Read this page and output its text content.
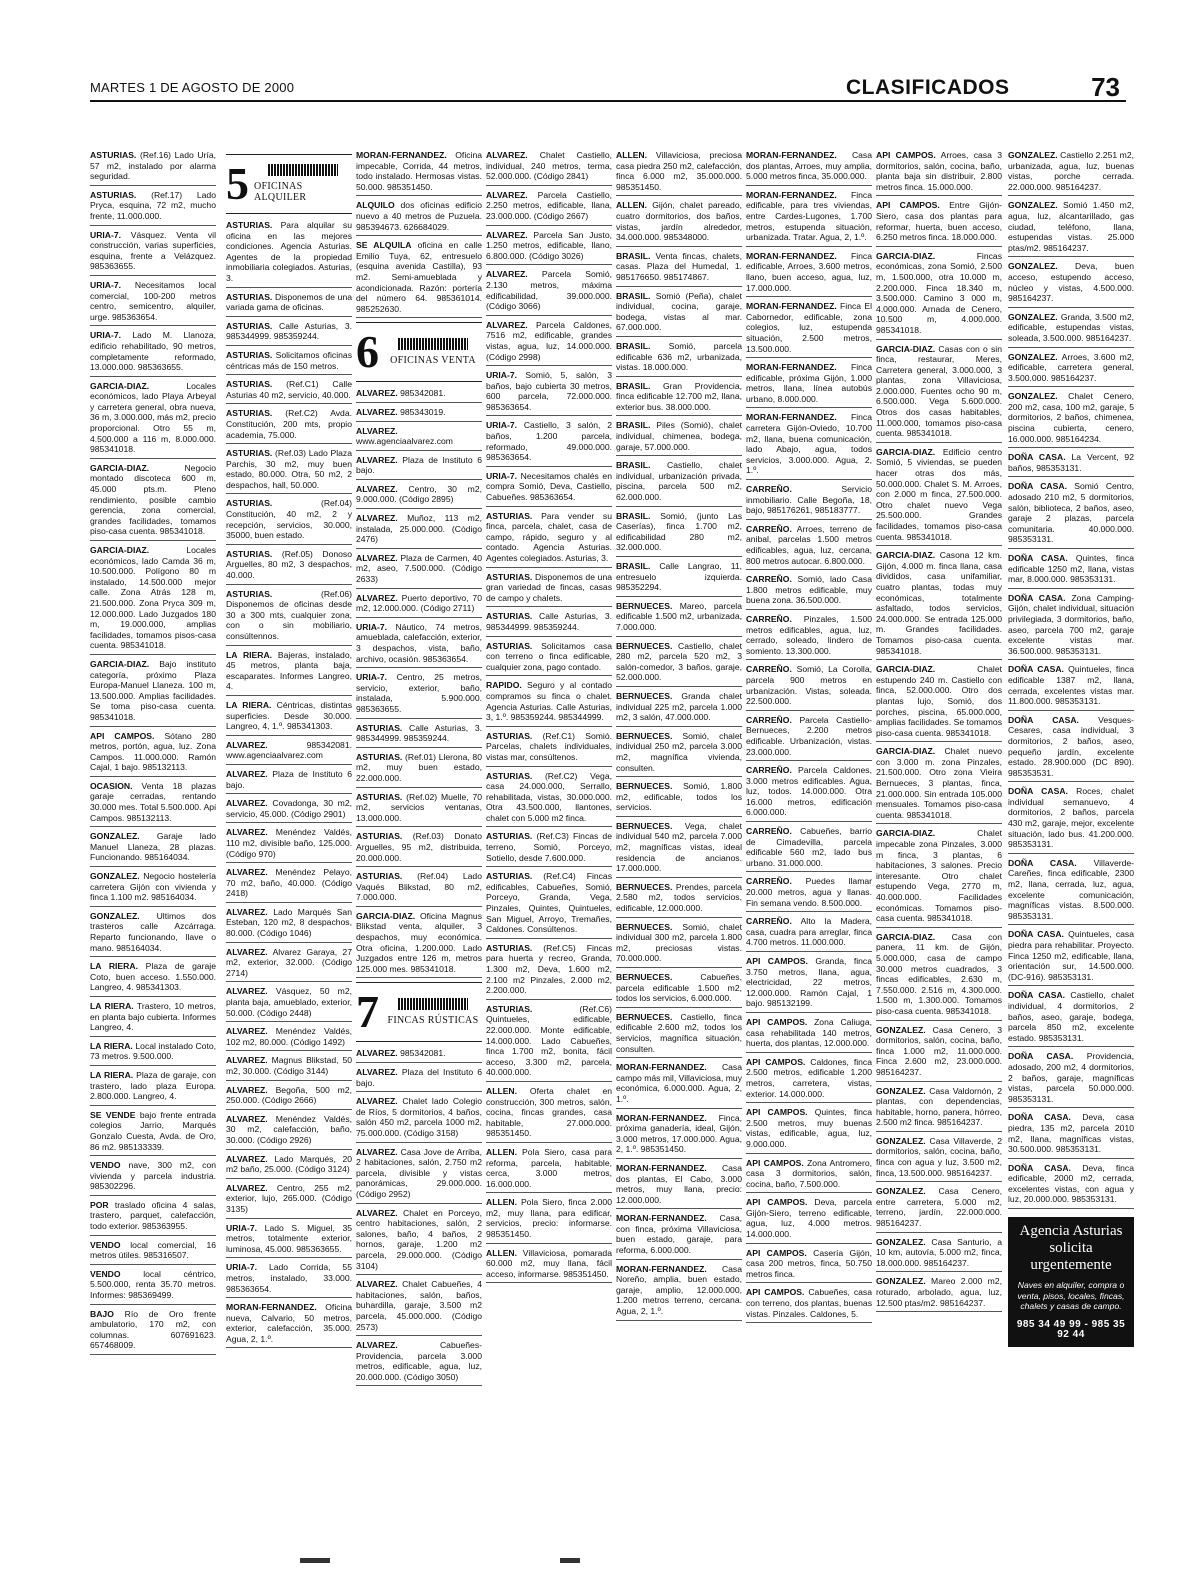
MARTES 1 DE AGOSTO DE 2000	CLASIFICADOS	73
ASTURIAS. (Ref.16) Lado Uría, 57 m2, instalado por alarma seguridad.
ASTURIAS. (Ref.17) Lado Pryca, esquina, 72 m2, mucho frente, 11.000.000.
URIA-7. Vásquez. Venta vil construcción, varias superficies, esquina, frente a Velázquez. 985363655.
URIA-7. Necesitamos local comercial, 100-200 metros centro, semicentro, alquiler, urge. 985363654.
URIA-7. Lado M. Llanoza, edificio rehabilitado, 90 metros, completamente reformado, 13.000.000. 985363655.
GARCIA-DIAZ.	Locales económicos, lado Playa Arbeyal y carretera general, obra nueva, 36 m, 3.000.000, más m2, precio proporcional. Otro 55 m, 4.500.000 a 116 m, 8.000.000. 985341018.
GARCIA-DIAZ.	Negocio montado discoteca 600 m, 45.000 pts.m. Pleno rendimiento, posible cambio gerencia, zona comercial, grandes facilidades, tomamos piso-casa cuenta. 985341018.
GARCIA-DIAZ.	Locales económicos, lado Camda 36 m, 10.500.000. Polígono 80 m instalado, 14.500.000 mejor calle. Zona Atrás 128 m, 21.500.000. Zona Pryca 309 m, 12.000.000. Lado Juzgados 180 m, 19.000.000, amplias facilidades, tomamos pisos-casa cuenta. 985341018.
GARCIA-DIAZ. Bajo instituto categoría, próximo Plaza Europa-Manuel Llaneza. 100 m, 13.500.000. Amplias facilidades. Se toma piso-casa cuenta. 985341018.
API CAMPOS. Sótano 280 metros, portón, agua, luz. Zona Campos. 11.000.000. Ramón Cajal, 1 bajo. 985132113.
OCASION. Venta 18 plazas garaje cerradas, rentando 30.000 mes. Total 5.500.000. Api Campos. 985132113.
GONZALEZ. Garaje lado Manuel Llaneza, 28 plazas. Funcionando. 985164034.
GONZALEZ. Negocio hostelería carretera Gijón con vivienda y finca 1.100 m2. 985164034.
GONZALEZ. Ultimos dos trasteros calle Azcárraga. Reparto funcionando, llave o mano. 985164034.
LA RIERA. Plaza de garaje Coto, buen acceso. 1.550.000. Langreo, 4. 985341303.
LA RIERA. Trastero, 10 metros, en planta bajo cubierta. Informes Langreo, 4.
LA RIERA. Local instalado Coto, 73 metros. 9.500.000.
LA RIERA. Plaza de garaje, con trastero, lado plaza Europa. 2.800.000. Langreo, 4.
SE VENDE bajo frente entrada colegios Jarrio, Marqués Gonzalo Cuesta, Avda. de Oro, 86 m2. 985133339.
VENDO nave, 300 m2, con vivienda y parcela industria. 985302296.
POR traslado oficina 4 salas, trastero, parquet, calefacción, todo exterior. 985363955.
VENDO local comercial, 16 metros útiles. 985316507.
VENDO	local céntrico, 5.500.000, renta 35.70 metros. Informes: 985369499.
BAJO Río de Oro frente ambulatorio, 170 m2, con columnas. 607691623. 657468009.
5 OFICINAS ALQUILER
ASTURIAS. Para alquilar su oficina en las mejores condiciones. Agencia Asturias. Agentes de la propiedad inmobiliaria colegiados. Asturias, 3.
ASTURIAS. Disponemos de una variada gama de oficinas.
ASTURIAS. Calle Asturias, 3. 985344999. 985359244.
ASTURIAS. Solicitamos oficinas céntricas más de 150 metros.
ASTURIAS. (Ref.C1) Calle Asturias 40 m2, servicio, 40.000.
ASTURIAS. (Ref.C2) Avda. Constitución, 200 mts, propio academia, 75.000.
ASTURIAS. (Ref.03) Lado Plaza Parchis, 30 m2, muy buen estado, 80.000. Otra, 50 m2, 2 despachos, hall, 50.000.
ASTURIAS.	(Ref.04) Constitución, 40 m2, 2 y recepción, servicios, 30.000, 35000, buen estado.
ASTURIAS. (Ref.05) Donoso Arguelles, 80 m2, 3 despachos, 40.000.
ASTURIAS.	(Ref.06) Disponemos de oficinas desde 30 a 300 mts, cualquier zona, con o sin mobiliario, consúltennos.
LA RIERA. Bajeras, instalado, 45 metros, planta baja, escaparates. Informes Langreo, 4.
LA RIERA. Céntricas, distintas superficies. Desde 30.000. Langreo, 4, 1.º. 985341303.
ALVAREZ.	985342081. www.agenciaalvarez.com
ALVAREZ. Plaza de Instituto 6 bajo.
ALVAREZ. Covadonga, 30 m2, servicio, 45.000. (Código 2901)
ALVAREZ. Menéndez Valdés, 110 m2, divisible baño, 125.000. (Código 970)
ALVAREZ. Menéndez Pelayo, 70 m2, baño, 40.000. (Código 2418)
ALVAREZ. Lado Marqués San Esteban, 120 m2, 8 despachos, 80.000. (Código 1046)
ALVAREZ. Alvarez Garaya, 27 m2, exterior, 32.000. (Código 2714)
ALVAREZ. Vásquez, 50 m2, planta baja, amueblado, exterior, 50.000. (Código 2448)
ALVAREZ. Menéndez Valdés, 102 m2, 80.000. (Código 1492)
ALVAREZ. Magnus Blikstad, 50 m2, 30.000. (Código 3144)
ALVAREZ. Begoña, 500 m2, 250.000. (Código 2666)
ALVAREZ. Menéndez Valdés, 30 m2, calefacción, baño, 30.000. (Código 2926)
ALVAREZ. Lado Marqués, 20 m2 baño, 25.000. (Código 3124)
ALVAREZ. Centro, 255 m2, exterior, lujo, 265.000. (Código 3135)
URIA-7. Lado S. Miguel, 35 metros, totalmente exterior, luminosa, 45.000. 985363655.
URIA-7. Lado Corrida, 55 metros, instalado, 33.000. 985363654.
MORAN-FERNANDEZ. Oficina nueva, Calvario, 50 metros, exterior, calefacción, 35.000. Agua, 2, 1.º.
MORAN-FERNANDEZ. Oficina impecable, Corrida, 44 metros, todo instalado. Hermosas vistas. 50.000. 985351450.
ALQUILO dos oficinas edificio nuevo a 40 metros de Puzuela. 985394673. 626684029.
SE ALQUILA oficina en calle Emilio Tuya, 62, entresuelo (esquina avenida Castilla), 93 m2. Semi-amueblada y acondicionada. Razón: portería del número 64. 985361014. 985252630.
6	OFICINAS VENTA
ALVAREZ. 985342081.
ALVAREZ. 985343019.
ALVAREZ. www.agenciaalvarez.com
ALVAREZ. Plaza de Instituto 6 bajo.
ALVAREZ. Centro, 30 m2, 9.000.000. (Código 2895)
ALVAREZ. Muñoz, 113 m2, instalada, 25.000.000. (Código 2476)
ALVAREZ. Plaza de Carmen, 40 m2, aseo, 7.500.000. (Código 2633)
ALVAREZ. Puerto deportivo, 70 m2, 12.000.000. (Código 2711)
URIA-7. Náutico, 74 metros, amueblada, calefacción, exterior, 3 despachos, vista, baño, archivo, ocasión. 985363654.
URIA-7. Centro, 25 metros, servicio, exterior, baño, instalada, 5.900.000. 985363655.
ASTURIAS. Calle Asturias, 3. 985344999. 985359244.
ASTURIAS. (Ref.01) Llerona, 80 m2, muy buen estado, 22.000.000.
ASTURIAS. (Ref.02) Muelle, 70 m2, servicios ventanas, 13.000.000.
ASTURIAS. (Ref.03) Donato Arguelles, 95 m2, distribuida, 20.000.000.
ASTURIAS. (Ref.04) Lado Vaqués Blikstad, 80 m2, 7.000.000.
GARCIA-DIAZ. Oficina Magnus Blikstad venta, alquiler, 3 despachos, muy económica. Otra oficina, 1.200.000. Lado Juzgados entre 126 m, metros 125.000 mes. 985341018.
7 FINCAS RÚSTICAS
ALVAREZ. 985342081.
ALVAREZ. Plaza del Instituto 6 bajo.
ALVAREZ. Chalet lado Colegio de Ríos, 5 dormitorios, 4 baños, salón 450 m2, parcela 1000 m2, 75.000.000. (Código 3158)
ALVAREZ. Casa Jove de Arriba, 2 habitaciones, salón, 2.750 m2 parcela, divisible y vistas panorámicas, 29.000.000. (Código 2952)
ALVAREZ. Chalet en Porceyo, centro habitaciones, salón, 2 salones, baño, 4 baños, 2 hornos, garaje, 1.200 m2 parcela, 29.000.000. (Código 3104)
ALVAREZ. Chalet Cabueñes, 4 habitaciones, salón, baños, buhardilla, garaje, 3.500 m2 parcela, 45.000.000. (Código 2573)
ALVAREZ.	Cabueñes-Providencia, parcela 3.000 metros, edificable, agua, luz, 20.000.000. (Código 3050)
ALVAREZ. Chalet Castiello, individual, 240 metros, terma, 52.000.000. (Código 2841)
ALVAREZ. Parcela Castiello, 2.250 metros, edificable, llana, 23.000.000. (Código 2667)
ALVAREZ. Parcela San Justo, 1.250 metros, edificable, llano, 6.800.000. (Código 3026)
ALVAREZ. Parcela Somió, 2.130 metros, máxima edificabilidad, 39.000.000. (Código 3066)
ALVAREZ. Parcela Caldones, 7516 m2, edificable, grandes vistas, agua, luz, 14.000.000. (Código 2998)
URIA-7. Somió, 5, salón, 3 baños, bajo cubierta 30 metros, 600 parcela, 72.000.000. 985363654.
URIA-7. Castiello, 3 salón, 2 baños, 1.200 parcela, reformado, 49.000.000. 985363654.
URIA-7. Necesitamos chalés en compra Somió, Deva, Castiello, Cabueñes. 985363654.
ASTURIAS. Para vender su finca, parcela, chalet, casa de campo, rápido, seguro y al contado. Agencia Asturias. Agentes colegiados. Asturias, 3.
ASTURIAS. Disponemos de una gran variedad de fincas, casas de campo y chalets.
ASTURIAS. Calle Asturias, 3. 985344999. 985359244.
ASTURIAS. Solicitamos casa con terreno o finca edificable, cualquier zona, pago contado.
RAPIDO. Seguro y al contado compramos su finca o chalet. Agencia Asturias. Calle Asturias, 3, 1.º. 985359244. 985344999.
ASTURIAS. (Ref.C1) Somió. Parcelas, chalets individuales, vistas mar, consúltenos.
ASTURIAS. (Ref.C2) Vega, casa 24.000.000, Serrallo, rehabilitada, vistas, 30.000.000. Otra 43.500.000, llantones, chalet con 5.000 m2 finca.
ASTURIAS. (Ref.C3) Fincas de terreno, Somió, Porceyo, Sotiello, desde 7.600.000.
ASTURIAS. (Ref.C4) Fincas edificables, Cabueñes, Somió, Porceyo, Granda, Vega, Pinzales, Quintes, Quintueles, San Miguel, Arroyo, Tremañes, Caldones. Consúltenos.
ASTURIAS. (Ref.C5) Fincas para huerta y recreo, Granda, 1.300 m2, Deva, 1.600 m2, 2.100 m2 Pinzales, 2.000 m2, 2.200.000.
ASTURIAS.	(Ref.C6) Quintueles, edificable, 22.000.000. Monte edificable, 14.000.000. Lado Cabueñes, finca 1.700 m2, bonita, fácil acceso, 3.300 m2, parcela, 40.000.000.
ALLEN. Oferta chalet en construcción, 300 metros, salón, cocina, fincas grandes, casa habitable, 27.000.000. 985351450.
ALLEN. Pola Siero, casa para reforma, parcela, habitable, cerca, 3.000 metros, 16.000.000.
ALLEN. Pola Siero, finca 2.000 m2, muy llana, para edificar, servicios, precio: informarse. 985351450.
ALLEN. Villaviciosa, pomarada 60.000 m2, muy llana, fácil acceso, informarse. 985351450.
ALLEN. Villaviciosa, preciosa casa piedra 250 m2, calefacción, finca 6.000 m2, 35.000.000. 985351450.
ALLEN. Gijón, chalet pareado, cuatro dormitorios, dos baños, vistas, jardín alrededor, 34.000.000. 985348000.
BRASIL. Venta fincas, chalets, casas. Plaza del Humedal, 1. 985176650. 985174867.
BRASIL. Somió (Peña), chalet individual, cocina, garaje, bodega, vistas al mar. 67.000.000.
BRASIL. Somió, parcela edificable 636 m2, urbanizada, vistas. 18.000.000.
BRASIL. Gran Providencia, finca edificable 12.700 m2, llana, exterior bus. 38.000.000.
BRASIL. Piles (Somió), chalet individual, chimenea, bodega, garaje, 57.000.000.
BRASIL. Castiello, chalet individual, urbanización privada, piscina, parcela 500 m2, 62.000.000.
BRASIL. Somió, (junto Las Caserías), finca 1.700 m2, edificabilidad 280 m2, 32.000.000.
BRASIL. Calle Langrao, 11, entresuelo izquierda. 985352294.
BERNUECES. Mareo, parcela edificable 1.500 m2, urbanizada, 7.000.000.
BERNUECES. Castiello, chalet 280 m2, parcela 520 m2, 3 salón-comedor, 3 baños, garaje, 52.000.000.
BERNUECES. Granda chalet individual 225 m2, parcela 1.000 m2, 3 salón, 47.000.000.
BERNUECES. Somió, chalet individual 250 m2, parcela 3.000 m2, magnífica vivienda, consulten.
BERNUECES. Somió, 1.800 m2, edificable, todos los servicios.
BERNUECES. Vega, chalet individual 540 m2, parcela 7.000 m2, magníficas vistas, ideal residencia de ancianos. 17.000.000.
BERNUECES. Prendes, parcela 2.580 m2, todos servicios, edificable, 12.000.000.
BERNUECES. Somió, chalet individual 300 m2, parcela 1.800 m2, preciosas vistas. 70.000.000.
BERNUECES.	Cabueñes, parcela edificable 1.500 m2, todos los servicios, 6.000.000.
BERNUECES. Castiello, finca edificable 2.600 m2, todos los servicios, magnífica situación, consulten.
MORAN-FERNANDEZ. Casa campo más mil, Villaviciosa, muy económica, 6.000.000. Agua, 2, 1.º.
MORAN-FERNANDEZ. Finca, próxima ganadería, ideal, Gijón, 3.000 metros, 17.000.000. Agua, 2, 1.º. 985351450.
MORAN-FERNANDEZ. Casa dos plantas, El Cabo, 3.000 metros, muy llana, precio: 12.000.000.
MORAN-FERNANDEZ. Casa, con finca, próxima Villaviciosa, buen estado, garaje, para reforma, 6.000.000.
MORAN-FERNANDEZ. Casa Noreño, amplia, buen estado, garaje, amplio, 12.000.000, 1.200 metros terreno, cercana. Agua, 2, 1.º.
MORAN-FERNANDEZ. Casa dos plantas, Arroes, muy amplia, 5.000 metros finca, 35.000.000.
MORAN-FERNANDEZ. Finca edificable, para tres viviendas, entre Cardes-Lugones, 1.700 metros, estupenda situación, urbanizada. Tratar. Agua, 2, 1.º.
MORAN-FERNANDEZ. Finca edificable, Arroes, 3.600 metros, llano, buen acceso, agua, luz, 17.000.000.
MORAN-FERNANDEZ. Finca El Cabornedor, edificable, zona colegios, luz, estupenda situación, 2.500 metros, 13.500.000.
MORAN-FERNANDEZ. Finca edificable, próxima Gijón, 1.000 metros, llana, línea autobús urbano, 8.000.000.
MORAN-FERNANDEZ. Finca carretera Gijón-Oviedo, 10.700 m2, llana, buena comunicación, lado Abajo, agua, todos servicios, 3.000.000. Agua, 2, 1.º.
CARREÑO.	Servicio inmobiliario. Calle Begoña, 18, bajo, 985176261, 985183777.
CARREÑO. Arroes, terreno de anibal, parcelas 1.500 metros edificables, agua, luz, cercana, 800 metros autocar. 6.800.000.
CARREÑO. Somió, lado Casa 1.800 metros edificable, muy buena zona. 36.500.000.
CARREÑO. Pinzales, 1.500 metros edificables, agua, luz, cerrado, soleado, lindero de somiento. 13.300.000.
CARREÑO. Somió, La Corolla, parcela 900 metros en urbanización. Vistas, soleada. 22.500.000.
CARREÑO. Parcela Castiello-Bernueces, 2.200 metros edificable. Urbanización, vistas. 23.000.000.
CARREÑO. Parcela Caldones, 3.000 metros edificables. Agua, luz, todos. 14.000.000. Otra 16.000 metros, edificación 6.000.000.
CARREÑO. Cabueñes, barrio de Cimadevilla, parcela edificable 560 m2, lado bus urbano. 31.000.000.
CARREÑO. Puedes llamar 20.000 metros, agua y llanas. Fin semana vendo. 8.500.000.
CARREÑO. Alto la Madera, casa, cuadra para arreglar, finca 4.700 metros. 11.000.000.
API CAMPOS. Granda, finca 3.750 metros, llana, agua, electricidad, 22 metros, 12.000.000. Ramón Cajal, 1 bajo. 985132199.
API CAMPOS. Zona Caliuga, casa rehabilitada 140 metros, huerta, dos plantas, 12.000.000.
API CAMPOS. Caldones, finca 2.500 metros, edificable 1.200 metros, carretera, vistas, exterior. 14.000.000.
API CAMPOS. Quintes, finca 2.500 metros, muy buenas vistas, edificable, agua, luz, 9.000.000.
API CAMPOS. Zona Antromero, casa 3 dormitorios, salón, cocina, baño, 7.500.000.
API CAMPOS. Deva, parcela Gijón-Siero, terreno edificable, agua, luz, 4.000 metros. 14.000.000.
API CAMPOS. Casería Gijón, casa 200 metros, finca, 50.750 metros finca.
API CAMPOS. Cabueñes, casa con terreno, dos plantas, buenas vistas. Pinzales. Caldones, 5.
API CAMPOS. Arroes, casa 3 dormitorios, salón, cocina, baño, planta baja sin distribuir, 2.800 metros finca. 15.000.000.
API CAMPOS. Entre Gijón-Siero, casa dos plantas para reformar, huerta, buen acceso, 6.250 metros finca. 18.000.000.
GARCIA-DIAZ.	Fincas económicas, zona Somió, 2.500 m, 1.500.000, otra 10.000 m, 2.200.000. Finca 18.340 m, 3.500.000. Camino 3 000 m, 4.000.000. Arnada de Cenero, 10.500 m, 4.000.000. 985341018.
GARCIA-DIAZ. Casas con o sin finca, restaurar, Meres, Carretera general, 3.000.000, 3 plantas, zona Villaviciosa, 2.000.000. Fuentes ocho 90 m, 6.500.000. Vega 5.600.000. Otros dos casas habitables, 11.000.000, tomamos piso-casa cuenta. 985341018.
GARCIA-DIAZ. Edificio centro Somió, 5 viviendas, se pueden hacer otras dos más, 50.000.000. Chalet S. M. Arroes, con 2.000 m finca, 27.500.000. Otro chalet nuevo Vega 25.500.000. Grandes facilidades, tomamos piso-casa cuenta. 985341018.
GARCIA-DIAZ. Casona 12 km. Gijón, 4.000 m. finca llana, casa divididos, casa unifamiliar, cuatro plantas, todas muy económicas, totalmente asfaltado, todos servicios, 24.000.000. Se entrada 125.000 m. Grandes facilidades. Tomamos piso-casa cuenta. 985341018.
GARCIA-DIAZ.	Chalet estupendo 240 m. Castiello con finca, 52.000.000. Otro dos plantas lujo, Somió, dos porches, piscina, 65.000.000, amplias facilidades. Se tomamos piso-casa cuenta. 985341018.
GARCIA-DIAZ. Chalet nuevo con 3.000 m. zona Pinzales, 21.500.000. Otro zona Vieira Bernueces, 3 plantas, finca, 21.000.000. Sin entrada 105.000 mensuales. Tomamos piso-casa cuenta. 985341018.
GARCIA-DIAZ.	Chalet impecable zona Pinzales, 3.000 m finca, 3 plantas, 6 habitaciones, 3 salones. Precio interesante. Otro chalet estupendo Vega, 2770 m, 40.000.000. Facilidades económicas. Tomamos piso-casa cuenta. 985341018.
GARCIA-DIAZ. Casa con panera, 11 km. de Gijón, 5.000.000, casa de campo 30.000 metros cuadrados, 3 fincas edificables, 2.630 m, 7.550.000. 2.516 m, 4.300.000. 1.500 m, 1.300.000. Tomamos piso-casa cuenta. 985341018.
GONZALEZ. Casa Cenero, 3 dormitorios, salón, cocina, baño, finca 1.000 m2, 11.000.000. Finca 2.600 m2, 23.000.000. 985164237.
GONZALEZ. Casa Valdornón, 2 plantas, con dependencias, habitable, horno, panera, hórreo, 2.500 m2 finca. 985164237.
GONZALEZ. Casa Villaverde, 2 dormitorios, salón, cocina, baño, finca con agua y luz, 3.500 m2, finca, 13.500.000. 985164237.
GONZALEZ. Casa Cenero, entre carretera, 5.000 m2, terreno, jardín, 22.000.000. 985164237.
GONZALEZ. Casa Santurio, a 10 km, autovía, 5.000 m2, finca, 18.000.000. 985164237.
GONZALEZ. Mareo 2.000 m2, roturado, arbolado, agua, luz, 12.500 ptas/m2. 985164237.
GONZALEZ. Castiello 2.251 m2, urbanizada, agua, luz, buenas vistas, porche cerrada. 22.000.000. 985164237.
GONZALEZ. Somió 1.450 m2, agua, luz, alcantarillado, gas ciudad, teléfono, llana, estupendas vistas. 25.000 ptas/m2. 985164237.
GONZALEZ. Deva, buen acceso, estupendo acceso, núcleo y vistas, 4.500.000. 985164237.
GONZALEZ. Granda, 3.500 m2, edificable, estupendas vistas, soleada, 3.500.000. 985164237.
GONZALEZ. Arroes, 3.600 m2, edificable, carretera general, 3.500.000. 985164237.
GONZALEZ. Chalet Cenero, 200 m2, casa, 100 m2, garaje, 5 dormitorios, 2 baños, chimenea, piscina cubierta, cenero, 16.000.000. 985164234.
DOÑA CASA. La Vercent, 92 baños, 985353131.
DOÑA CASA. Somió Centro, adosado 210 m2, 5 dormitorios, salón, biblioteca, 2 baños, aseo, garaje 2 plazas, parcela comunitaria. 40.000.000. 985353131.
DOÑA CASA. Quintes, finca edificable 1250 m2, llana, vistas mar, 8.000.000. 985353131.
DOÑA CASA. Zona Camping-Gijón, chalet individual, situación privilegiada, 3 dormitorios, baño, aseo, parcela 700 m2, garaje excelente vistas mar. 36.500.000. 985353131.
DOÑA CASA. Quintueles, finca edificable 1387 m2, llana, cerrada, excelentes vistas mar. 11.800.000. 985353131.
DOÑA CASA. Vesques-Cesares, casa individual, 3 dormitorios, 2 baños, aseo, pequeño jardín, excelente estado. 28.900.000 (DC 890). 985353531.
DOÑA CASA. Roces, chalet individual semanuevo, 4 dormitorios, 2 baños, parcela 430 m2, garaje, mejor, excelente situación, lado bus. 41.200.000. 985353131.
DOÑA CASA. Villaverde-Careñes, finca edificable, 2300 m2, llana, cerrada, luz, agua, excelente comunicación, magníficas vistas. 8.500.000. 985353131.
DOÑA CASA. Quintueles, casa piedra para rehabilitar. Proyecto. Finca 1250 m2, edificable, llana, orientación sur, 14.500.000. (DC-916). 985353131.
DOÑA CASA. Castiello, chalet individual, 4 dormitorios, 2 baños, aseo, garaje, bodega, parcela 850 m2, excelente estado. 985353131.
DOÑA CASA. Providencia, adosado, 200 m2, 4 dormitorios, 2 baños, garaje, magníficas vistas, parcela 50.000.000. 985353131.
DOÑA CASA. Deva, casa piedra, 135 m2, parcela 2010 m2, llana, magníficas vistas, 30.500.000. 985353131.
DOÑA CASA. Deva, finca edificable, 2000 m2, cerrada, excelentes vistas, con agua y luz, 20.000.000. 985353131.
Agencia Asturias
solicita urgentemente
Naves en alquiler, compra o venta, pisos, locales, fincas, chalets y casas de campo.
985 34 49 99 - 985 35 92 44
